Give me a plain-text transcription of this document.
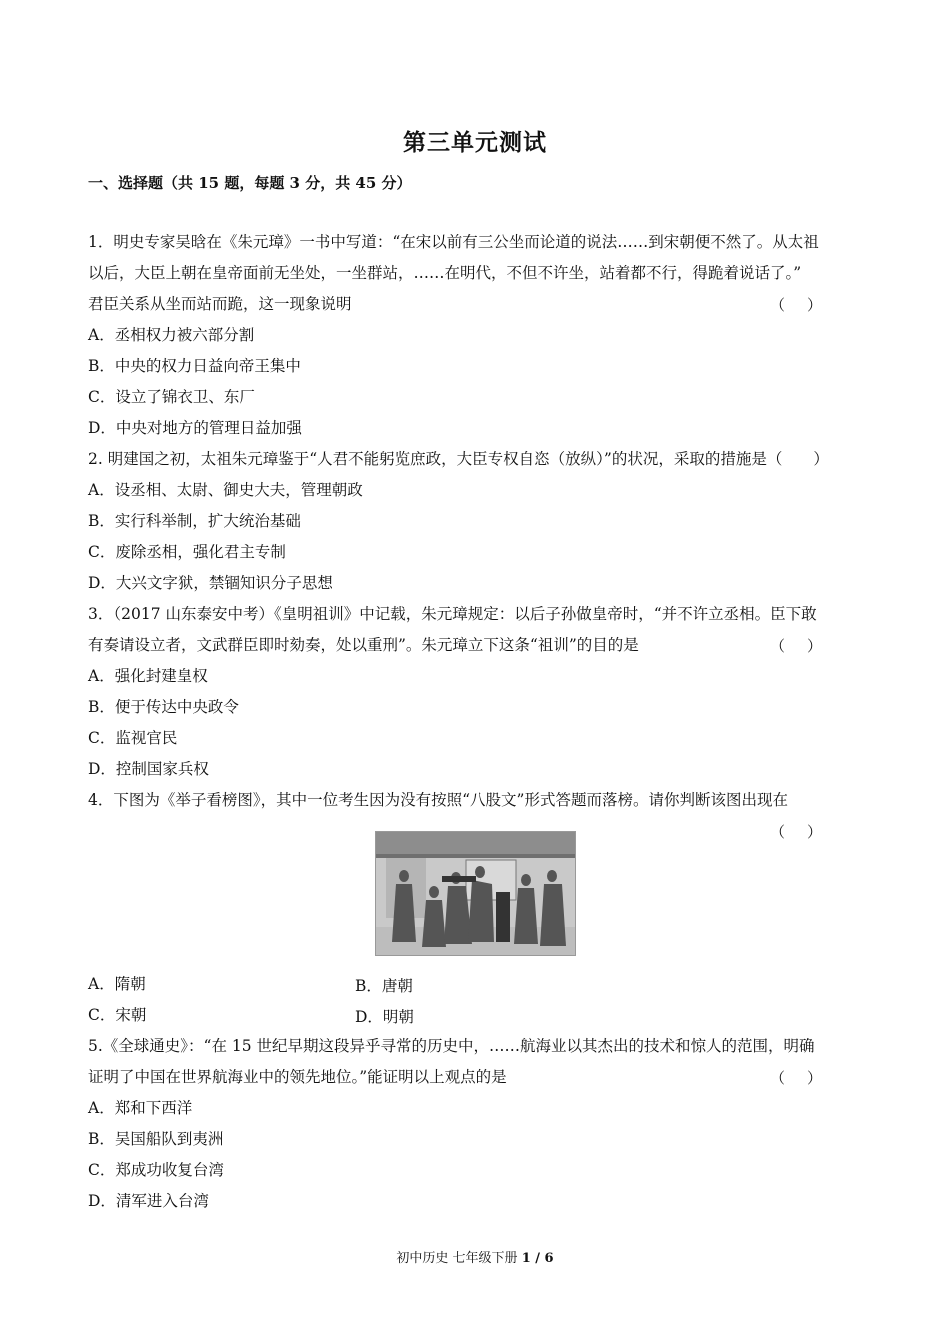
第三单元测试
一、选择题（共 15 题，每题 3 分，共 45 分）
1．明史专家吴晗在《朱元璋》一书中写道：“在宋以前有三公坐而论道的说法……到宋朝便不然了。从太祖
以后，大臣上朝在皇帝面前无坐处，一坐群站，……在明代，不但不许坐，站着都不行，得跪着说话了。”
君臣关系从坐而站而跪，这一现象说明	（）
A．丞相权力被六部分割
B．中央的权力日益向帝王集中
C．设立了锦衣卫、东厂
D．中央对地方的管理日益加强
2. 明建国之初，太祖朱元璋鉴于“人君不能躬览庶政，大臣专权自恣（放纵）”的状况，采取的措施是（　　）
A．设丞相、太尉、御史大夫，管理朝政
B．实行科举制，扩大统治基础
C．废除丞相，强化君主专制
D．大兴文字狱，禁锢知识分子思想
3．（2017 山东泰安中考）《皇明祖训》中记载，朱元璋规定：以后子孙做皇帝时，“并不许立丞相。臣下敢
有奏请设立者，文武群臣即时劾奏，处以重刑”。朱元璋立下这条“祖训”的目的是	（）
A．强化封建皇权
B．便于传达中央政令
C．监视官民
D．控制国家兵权
4．下图为《举子看榜图》，其中一位考生因为没有按照“八股文”形式答题而落榜。请你判断该图出现在
（）
A．隋朝	B．唐朝
C．宋朝	D．明朝
5.《全球通史》：“在 15 世纪早期这段异乎寻常的历史中，……航海业以其杰出的技术和惊人的范围，明确
证明了中国在世界航海业中的领先地位。”能证明以上观点的是	（）
A．郑和下西洋
B．吴国船队到夷洲
C．郑成功收复台湾
D．清军进入台湾
初中历史 七年级下册 1 / 6
